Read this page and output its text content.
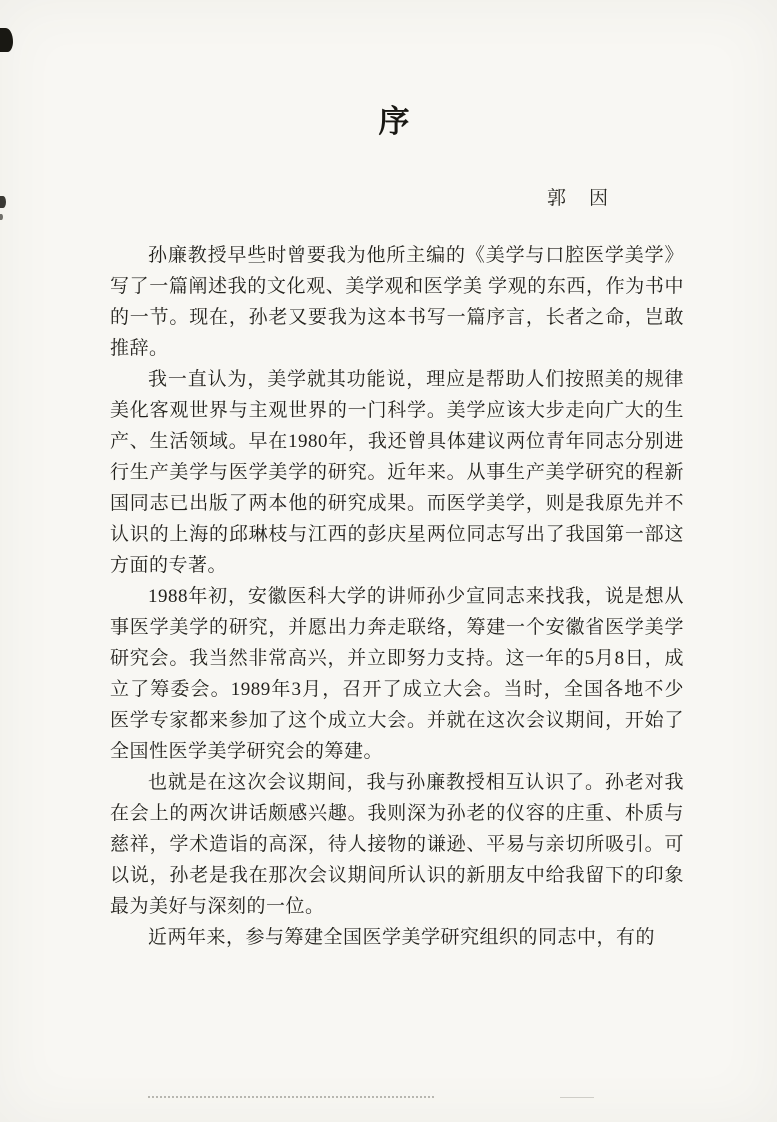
序
郭　因

孙廉教授早些时曾要我为他所主编的《美学与口腔医学美学》写了一篇阐述我的文化观、美学观和医学美 学观的东西，作为书中的一节。现在，孙老又要我为这本书写一篇序言，长者之命，岂敢推辞。

我一直认为，美学就其功能说，理应是帮助人们按照美的规律美化客观世界与主观世界的一门科学。美学应该大步走向广大的生产、生活领域。早在1980年，我还曾具体建议两位青年同志分别进行生产美学与医学美学的研究。近年来。从事生产美学研究的程新国同志已出版了两本他的研究成果。而医学美学，则是我原先并不认识的上海的邱琳枝与江西的彭庆星两位同志写出了我国第一部这方面的专著。

1988年初，安徽医科大学的讲师孙少宣同志来找我，说是想从事医学美学的研究，并愿出力奔走联络，筹建一个安徽省医学美学研究会。我当然非常高兴，并立即努力支持。这一年的5月8日，成立了筹委会。1989年3月，召开了成立大会。当时，全国各地不少医学专家都来参加了这个成立大会。并就在这次会议期间，开始了全国性医学美学研究会的筹建。

也就是在这次会议期间，我与孙廉教授相互认识了。孙老对我在会上的两次讲话颇感兴趣。我则深为孙老的仪容的庄重、朴质与慈祥，学术造诣的高深，待人接物的谦逊、平易与亲切所吸引。可以说，孙老是我在那次会议期间所认识的新朋友中给我留下的印象最为美好与深刻的一位。

近两年来，参与筹建全国医学美学研究组织的同志中，有的
